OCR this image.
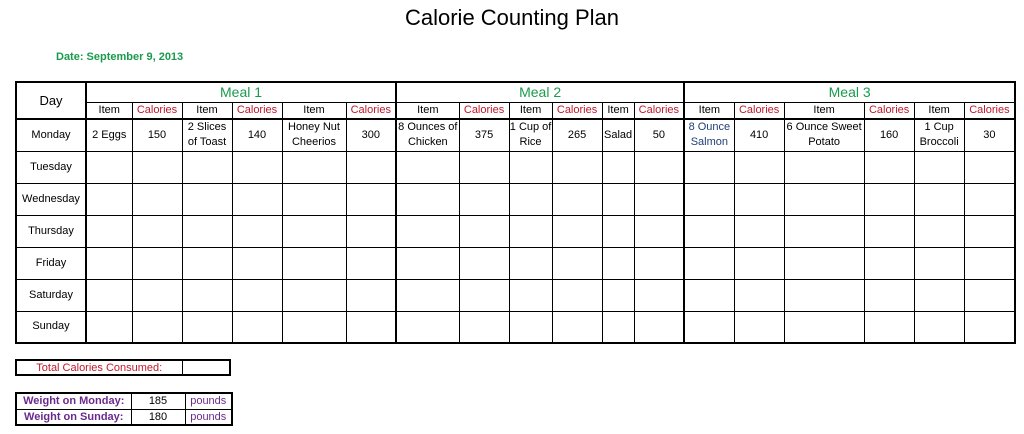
Calorie Counting Plan
Date: September 9, 2013
Day	Meal 1						Meal 2						Meal 3					
	Item	Calories	Item	Calories	Item	Calories	Item	Calories	Item	Calories	Item	Calories	Item	Calories	Item	Calories	Item	Calories
Monday	2 Eggs	150	2 Slices of Toast	140	Honey Nut Cheerios	300	8 Ounces of Chicken	375	1 Cup of Rice	265	Salad	50	8 Ounce Salmon	410	6 Ounce Sweet Potato	160	1 Cup Broccoli	30
Tuesday																		
Wednesday																		
Thursday																		
Friday																		
Saturday																		
Sunday																		
Total Calories Consumed:	
Weight on Monday:	185	pounds
Weight on Sunday:	180	pounds
